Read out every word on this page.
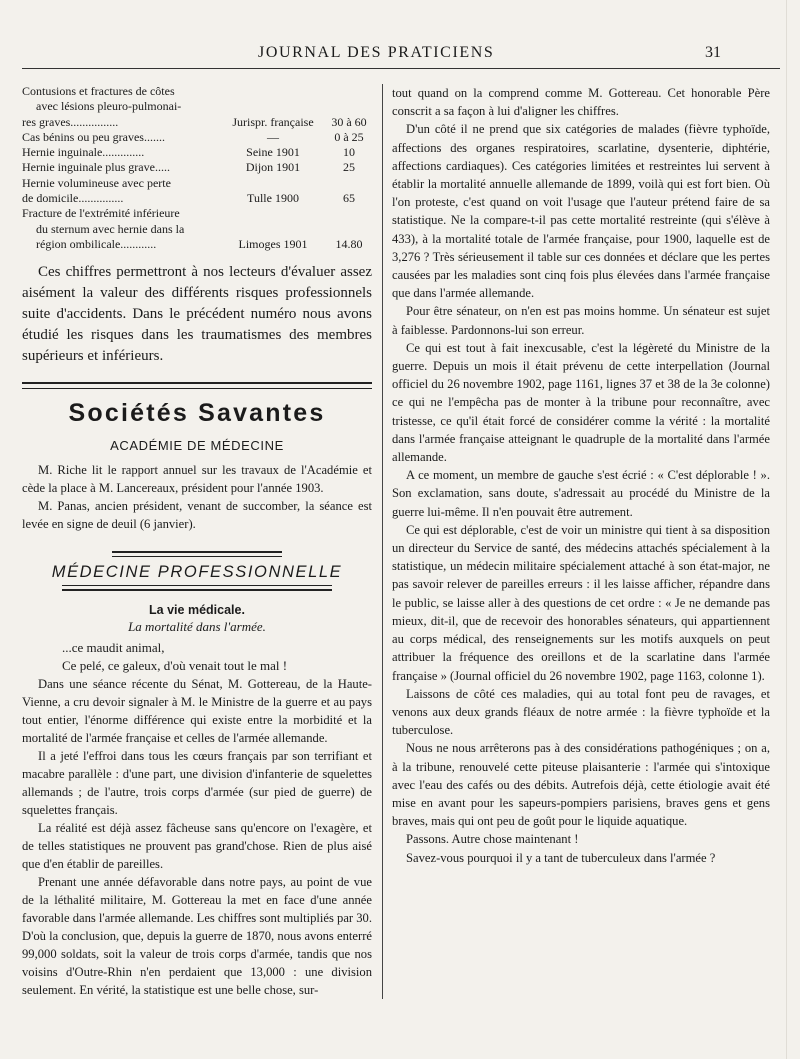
JOURNAL DES PRATICIENS	31
Contusions et fractures de côtes
avec lésions pleuro-pulmonai-
res graves................	Jurispr. française	30 à 60
Cas bénins ou peu graves.......	—	0 à 25
Hernie inguinale..............	Seine 1901	10
Hernie inguinale plus grave.....	Dijon 1901	25
Hernie volumineuse avec perte
de domicile...............	Tulle 1900	65
Fracture de l'extrémité inférieure
du sternum avec hernie dans la
région ombilicale............	Limoges 1901	14.80

Ces chiffres permettront à nos lecteurs d'évaluer assez aisément la valeur des différents risques professionnels suite d'accidents. Dans le précédent numéro nous avons étudié les risques dans les traumatismes des membres supérieurs et inférieurs.

Sociétés Savantes
ACADÉMIE DE MÉDECINE

M. Riche lit le rapport annuel sur les travaux de l'Académie et cède la place à M. Lancereaux, président pour l'année 1903.

M. Panas, ancien président, venant de succomber, la séance est levée en signe de deuil (6 janvier).

MÉDECINE PROFESSIONNELLE
La vie médicale.
La mortalité dans l'armée.
...ce maudit animal,
Ce pelé, ce galeux, d'où venait tout le mal !

Dans une séance récente du Sénat, M. Gottereau, de la Haute-Vienne, a cru devoir signaler à M. le Ministre de la guerre et au pays tout entier, l'énorme différence qui existe entre la morbidité et la mortalité de l'armée française et celles de l'armée allemande.

Il a jeté l'effroi dans tous les cœurs français par son terrifiant et macabre parallèle : d'une part, une division d'infanterie de squelettes allemands ; de l'autre, trois corps d'armée (sur pied de guerre) de squelettes français.

La réalité est déjà assez fâcheuse sans qu'encore on l'exagère, et de telles statistiques ne prouvent pas grand'chose. Rien de plus aisé que d'en établir de pareilles.

Prenant une année défavorable dans notre pays, au point de vue de la léthalité militaire, M. Gottereau la met en face d'une année favorable dans l'armée allemande. Les chiffres sont multipliés par 30. D'où la conclusion, que, depuis la guerre de 1870, nous avons enterré 99,000 soldats, soit la valeur de trois corps d'armée, tandis que nos voisins d'Outre-Rhin n'en perdaient que 13,000 : une division seulement. En vérité, la statistique est une belle chose, sur-

tout quand on la comprend comme M. Gottereau. Cet honorable Père conscrit a sa façon à lui d'aligner les chiffres.

D'un côté il ne prend que six catégories de malades (fièvre typhoïde, affections des organes respiratoires, scarlatine, dysenterie, diphtérie, affections cardiaques). Ces catégories limitées et restreintes lui servent à établir la mortalité annuelle allemande de 1899, voilà qui est fort bien. Où l'on proteste, c'est quand on voit l'usage que l'auteur prétend faire de sa statistique. Ne la compare-t-il pas cette mortalité restreinte (qui s'élève à 433), à la mortalité totale de l'armée française, pour 1900, laquelle est de 3,276 ? Très sérieusement il table sur ces données et déclare que les pertes causées par les maladies sont cinq fois plus élevées dans l'armée française que dans l'armée allemande.

Pour être sénateur, on n'en est pas moins homme. Un sénateur est sujet à faiblesse. Pardonnons-lui son erreur.

Ce qui est tout à fait inexcusable, c'est la légèreté du Ministre de la guerre. Depuis un mois il était prévenu de cette interpellation (Journal officiel du 26 novembre 1902, page 1161, lignes 37 et 38 de la 3e colonne) ce qui ne l'empêcha pas de monter à la tribune pour reconnaître, avec tristesse, ce qu'il était forcé de considérer comme la vérité : la mortalité dans l'armée française atteignant le quadruple de la mortalité dans l'armée allemande.

A ce moment, un membre de gauche s'est écrié : « C'est déplorable ! ». Son exclamation, sans doute, s'adressait au procédé du Ministre de la guerre lui-même. Il n'en pouvait être autrement.

Ce qui est déplorable, c'est de voir un ministre qui tient à sa disposition un directeur du Service de santé, des médecins attachés spécialement à la statistique, un médecin militaire spécialement attaché à son état-major, ne pas savoir relever de pareilles erreurs : il les laisse afficher, répandre dans le public, se laisse aller à des questions de cet ordre : « Je ne demande pas mieux, dit-il, que de recevoir des honorables sénateurs, qui appartiennent au corps médical, des renseignements sur les motifs auxquels on peut attribuer la fréquence des oreillons et de la scarlatine dans l'armée française » (Journal officiel du 26 novembre 1902, page 1163, colonne 1).

Laissons de côté ces maladies, qui au total font peu de ravages, et venons aux deux grands fléaux de notre armée : la fièvre typhoïde et la tuberculose.

Nous ne nous arrêterons pas à des considérations pathogéniques ; on a, à la tribune, renouvelé cette piteuse plaisanterie : l'armée qui s'intoxique avec l'eau des cafés ou des débits. Autrefois déjà, cette étiologie avait été mise en avant pour les sapeurs-pompiers parisiens, braves gens et gens braves, mais qui ont peu de goût pour le liquide aquatique.

Passons. Autre chose maintenant !

Savez-vous pourquoi il y a tant de tuberculeux dans l'armée ?
